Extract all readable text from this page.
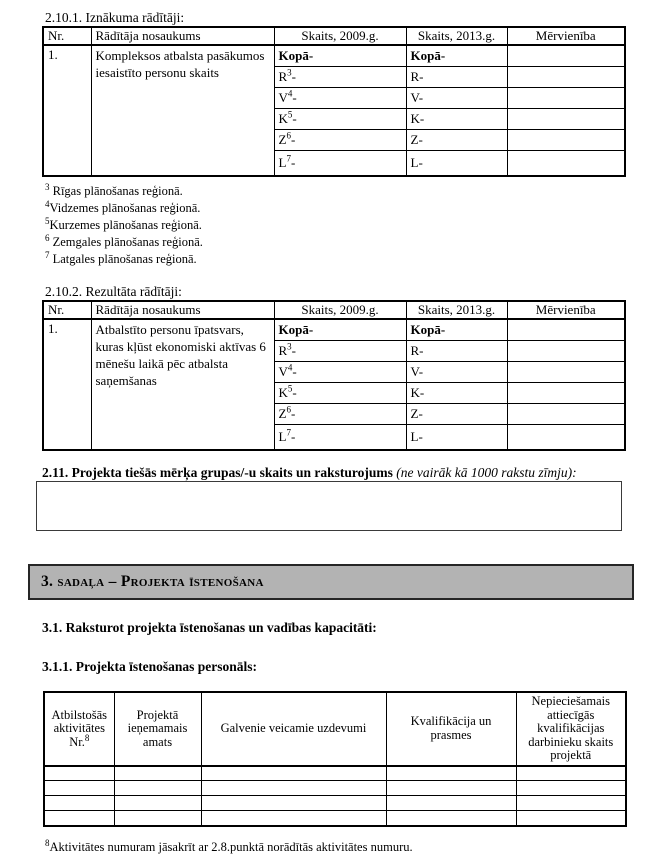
2.10.1. Iznākuma rādītāji:

Nr.	Rādītāja nosaukums	Skaits, 2009.g.	Skaits, 2013.g.	Mērvienība
1.	Kompleksos atbalsta pasākumos iesaistīto personu skaits	Kopā-	Kopā-	
		$R^3-$	R-	
		$V^4-$	V-	
		$K^5-$	K-	
		$Z^6-$	Z-	
		$L^7-$	L-	
$^3$ Rīgas plānošanas reģionā.
$^4$Vidzemes plānošanas reģionā.
$^5$Kurzemes plānošanas reģionā.
$^6$ Zemgales plānošanas reģionā.
$^7$ Latgales plānošanas reģionā.

2.10.2. Rezultāta rādītāji:

Nr.	Rādītāja nosaukums	Skaits, 2009.g.	Skaits, 2013.g.	Mērvienība
1.	Atbalstīto personu īpatsvars, kuras kļūst ekonomiski aktīvas 6 mēnešu laikā pēc atbalsta saņemšanas	Kopā-	Kopā-	
		$R^3-$	R-	
		$V^4-$	V-	
		$K^5-$	K-	
		$Z^6-$	Z-	
		$L^7-$	L-	

2.11. Projekta tiešās mērķa grupas/-u skaits un raksturojums (ne vairāk kā 1000 rakstu zīmju):

3. sadaļa – Projekta īstenošana

3.1. Raksturot projekta īstenošanas un vadības kapacitāti:

3.1.1. Projekta īstenošanas personāls:

Atbilstošās aktivitātes Nr.$^8$	Projektā ieņemamais amats	Galvenie veicamie uzdevumi	Kvalifikācija un prasmes	Nepieciešamais attiecīgās kvalifikācijas darbinieku skaits projektā

$^8$Aktivitātes numuram jāsakrīt ar 2.8.punktā norādītās aktivitātes numuru.
